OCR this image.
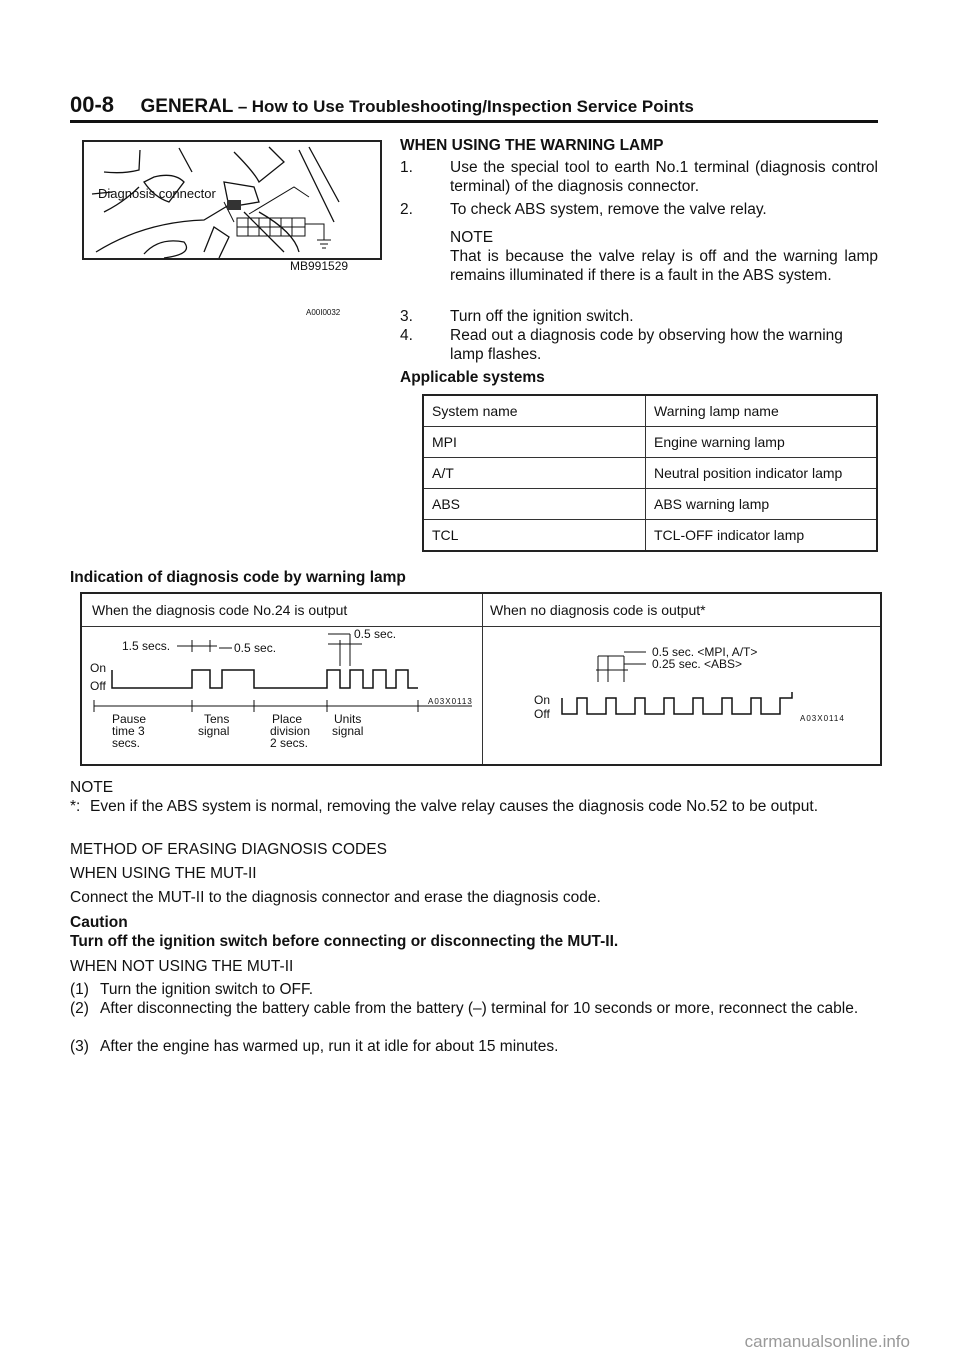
00-8 GENERAL – How to Use Troubleshooting/Inspection Service Points
Diagnosis connector
MB991529
A00I0032
WHEN USING THE WARNING LAMP
1.	Use the special tool to earth No.1 terminal (diagnosis control terminal) of the diagnosis connector.
2.	To check ABS system, remove the valve relay.
NOTE
That is because the valve relay is off and the warning lamp remains illuminated if there is a fault in the ABS system.
3.	Turn off the ignition switch.
4.	Read out a diagnosis code by observing how the warning lamp flashes.
Applicable systems
System name	Warning lamp name
MPI	Engine warning lamp
A/T	Neutral position indicator lamp
ABS	ABS warning lamp
TCL	TCL-OFF indicator lamp
Indication of diagnosis code by warning lamp
When the diagnosis code No.24 is output	When no diagnosis code is output*
1.5 secs.	0.5 sec.
0.5 sec.
On
Off
A03X0113
Pause
time 3
secs.
Tens
signal
Place
division
2 secs.
Units
signal
0.5 sec. <MPI, A/T>
0.25 sec. <ABS>
On
Off	A03X0114
NOTE
*: Even if the ABS system is normal, removing the valve relay causes the diagnosis code No.52 to be output.
METHOD OF ERASING DIAGNOSIS CODES
WHEN USING THE MUT-II
Connect the MUT-II to the diagnosis connector and erase the diagnosis code.
Caution
Turn off the ignition switch before connecting or disconnecting the MUT-II.
WHEN NOT USING THE MUT-II
(1) Turn the ignition switch to OFF.
(2) After disconnecting the battery cable from the battery (–) terminal for 10 seconds or more, reconnect the cable.
(3) After the engine has warmed up, run it at idle for about 15 minutes.
carmanualsonline.info
